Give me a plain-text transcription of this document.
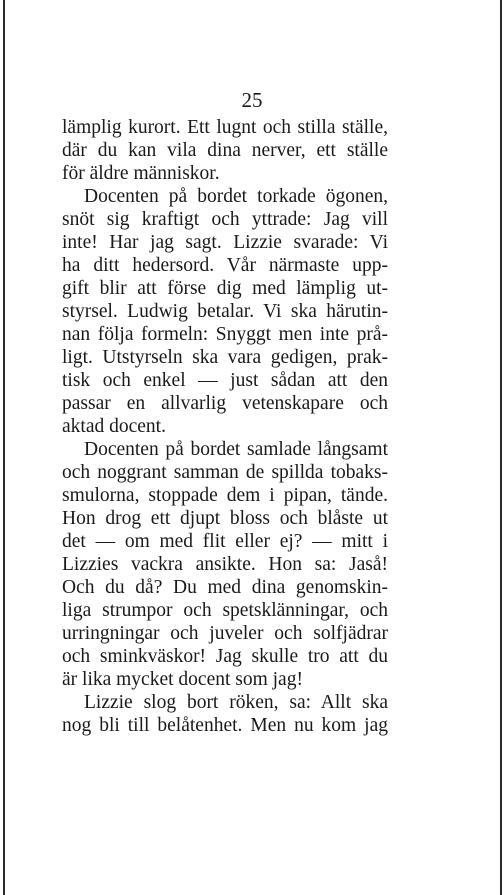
25
lämplig kurort. Ett lugnt och stilla ställe,
där du kan vila dina nerver, ett ställe
för äldre människor.
Docenten på bordet torkade ögonen,
snöt sig kraftigt och yttrade: Jag vill
inte! Har jag sagt. Lizzie svarade: Vi
ha ditt hedersord. Vår närmaste upp-
gift blir att förse dig med lämplig ut-
styrsel. Ludwig betalar. Vi ska härutin-
nan följa formeln: Snyggt men inte prå-
ligt. Utstyrseln ska vara gedigen, prak-
tisk och enkel — just sådan att den
passar en allvarlig vetenskapare och
aktad docent.
Docenten på bordet samlade långsamt
och noggrant samman de spillda tobaks-
smulorna, stoppade dem i pipan, tände.
Hon drog ett djupt bloss och blåste ut
det — om med flit eller ej? — mitt i
Lizzies vackra ansikte. Hon sa: Jaså!
Och du då? Du med dina genomskin-
liga strumpor och spetsklänningar, och
urringningar och juveler och solfjädrar
och sminkväskor! Jag skulle tro att du
är lika mycket docent som jag!
Lizzie slog bort röken, sa: Allt ska
nog bli till belåtenhet. Men nu kom jag
